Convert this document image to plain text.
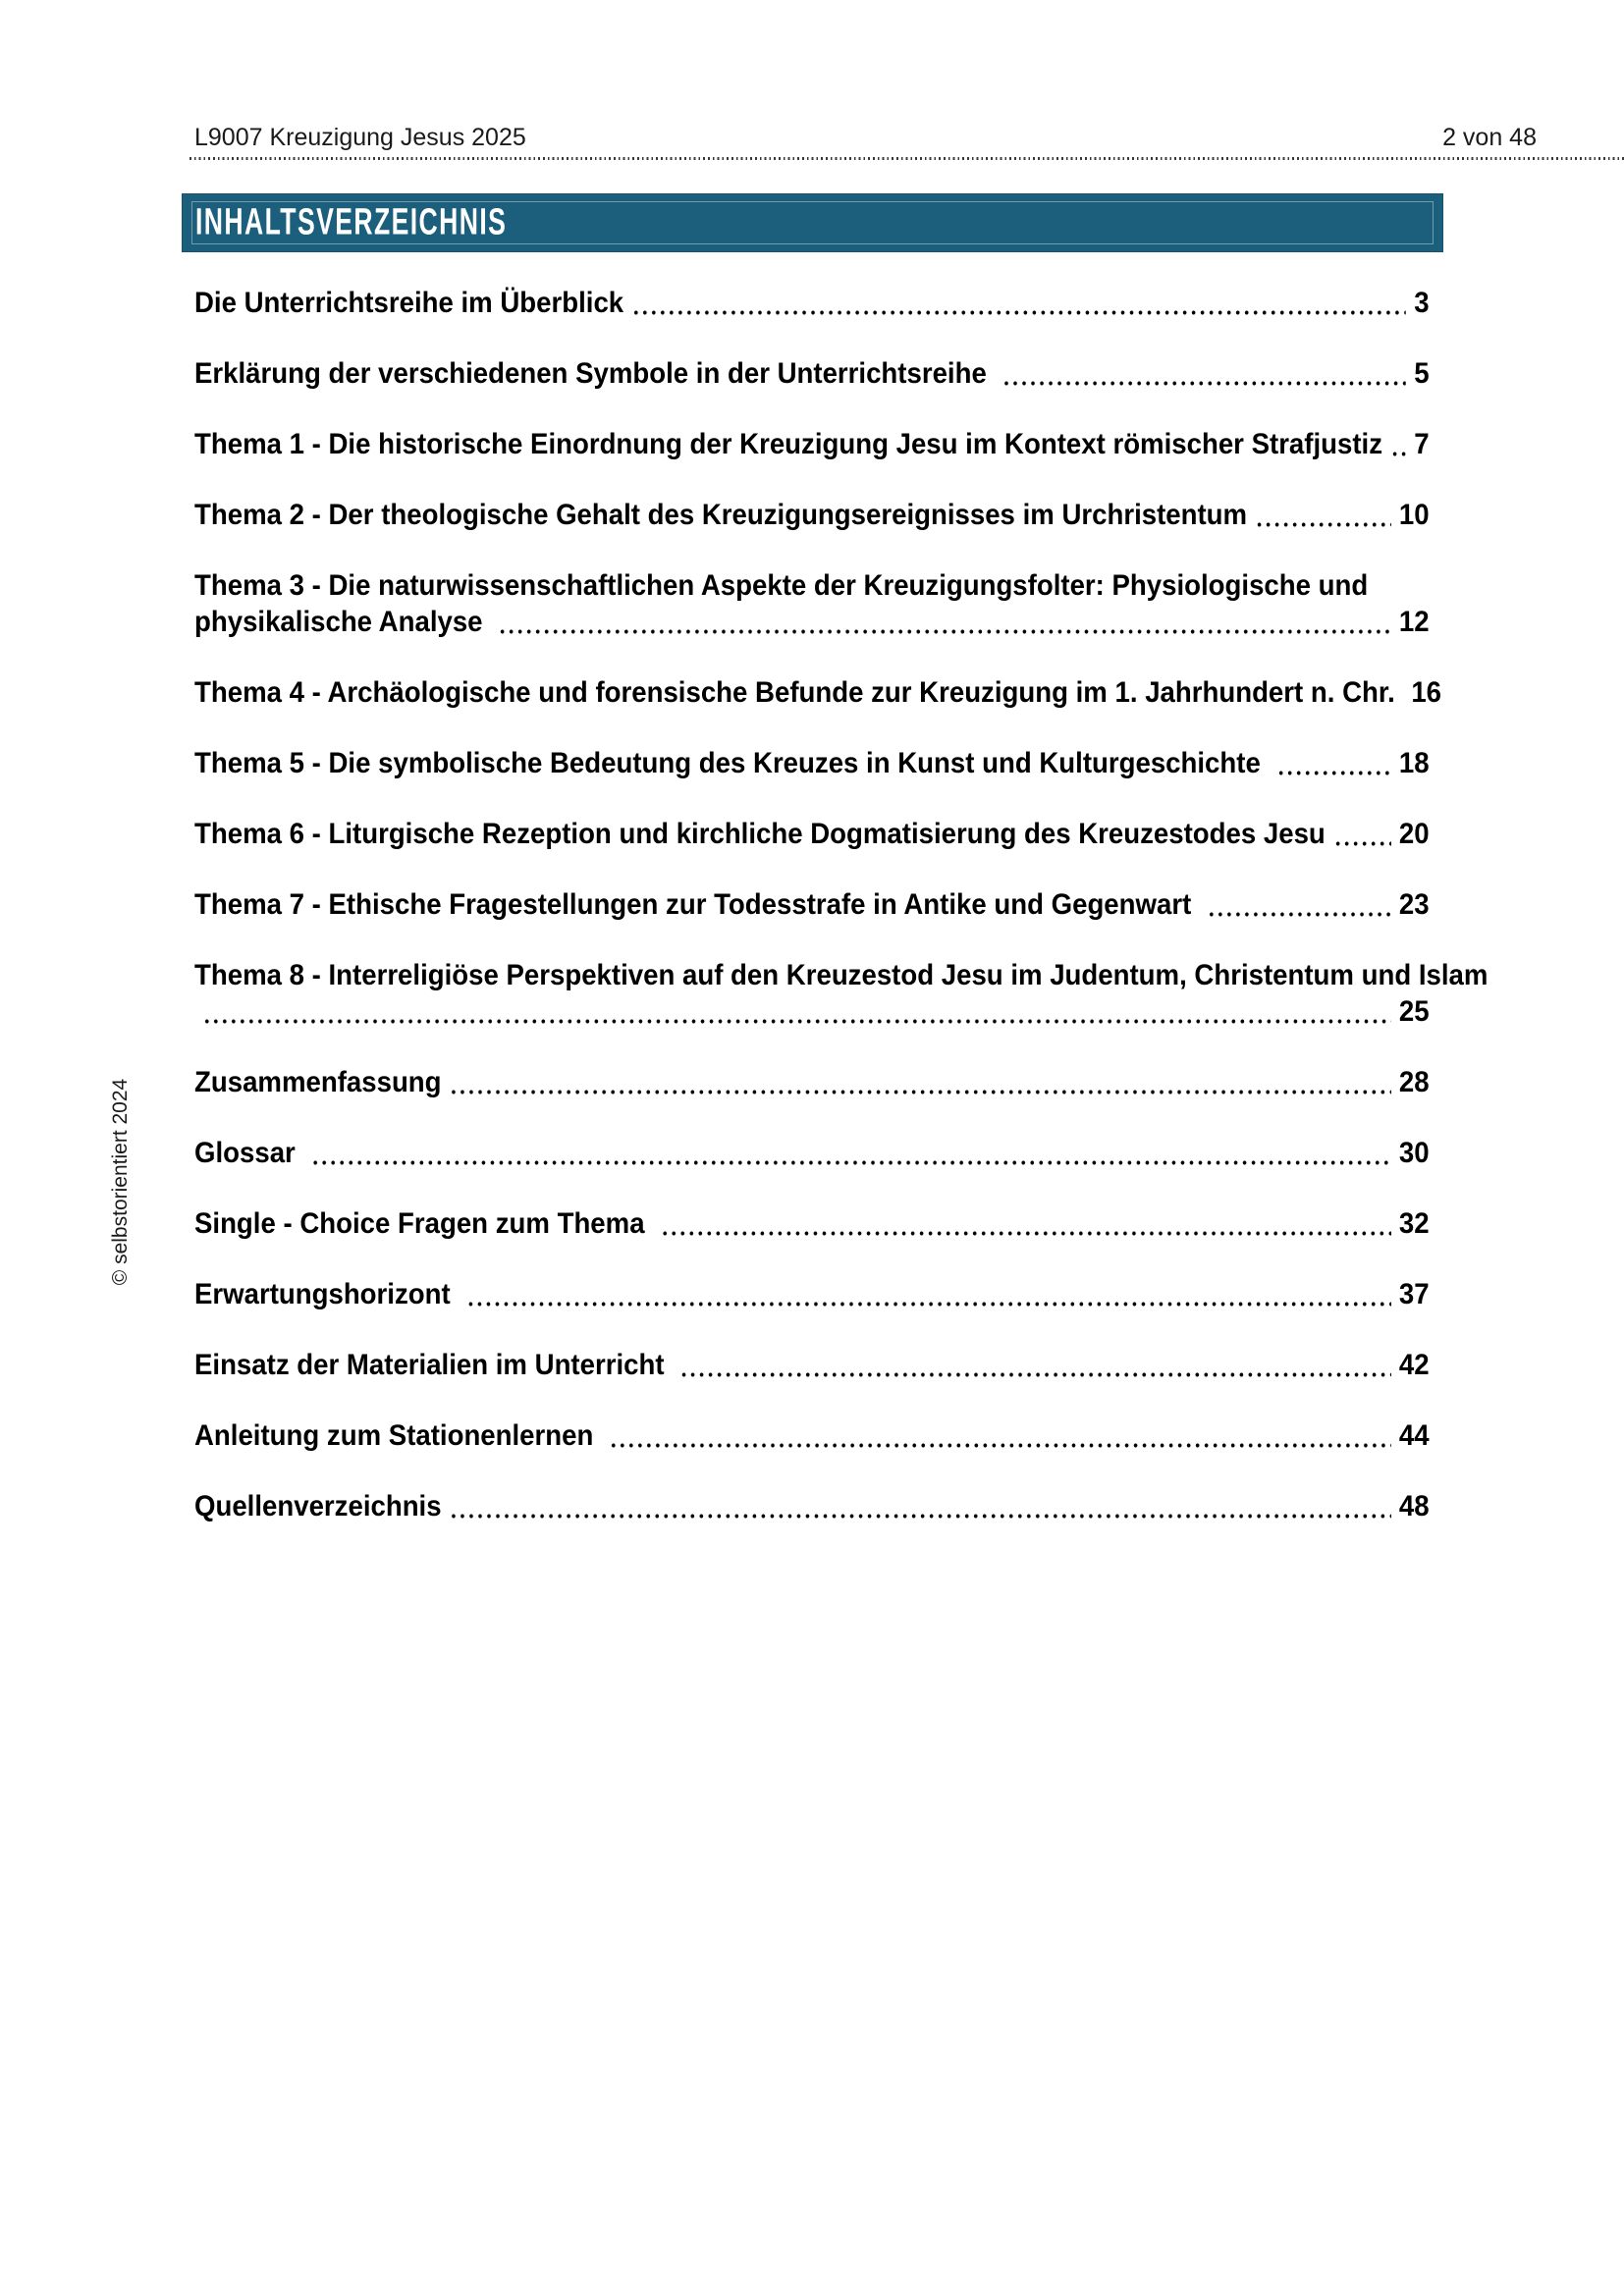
L9007 Kreuzigung Jesus 2025	2 von 48
INHALTSVERZEICHNIS
Die Unterrichtsreihe im Überblick	3
Erklärung der verschiedenen Symbole in der Unterrichtsreihe	5
Thema 1 - Die historische Einordnung der Kreuzigung Jesu im Kontext römischer Strafjustiz 7
Thema 2 - Der theologische Gehalt des Kreuzigungsereignisses im Urchristentum	10
Thema 3 - Die naturwissenschaftlichen Aspekte der Kreuzigungsfolter: Physiologische und
physikalische Analyse	12
Thema 4 - Archäologische und forensische Befunde zur Kreuzigung im 1. Jahrhundert n. Chr. 16
Thema 5 - Die symbolische Bedeutung des Kreuzes in Kunst und Kulturgeschichte	18
Thema 6 - Liturgische Rezeption und kirchliche Dogmatisierung des Kreuzestodes Jesu	20
Thema 7 - Ethische Fragestellungen zur Todesstrafe in Antike und Gegenwart	23
Thema 8 - Interreligiöse Perspektiven auf den Kreuzestod Jesu im Judentum, Christentum und Islam
25
Zusammenfassung	28
Glossar	30
Single - Choice Fragen zum Thema	32
Erwartungshorizont	37
Einsatz der Materialien im Unterricht	42
Anleitung zum Stationenlernen	44
Quellenverzeichnis	48
© selbstorientiert 2024
